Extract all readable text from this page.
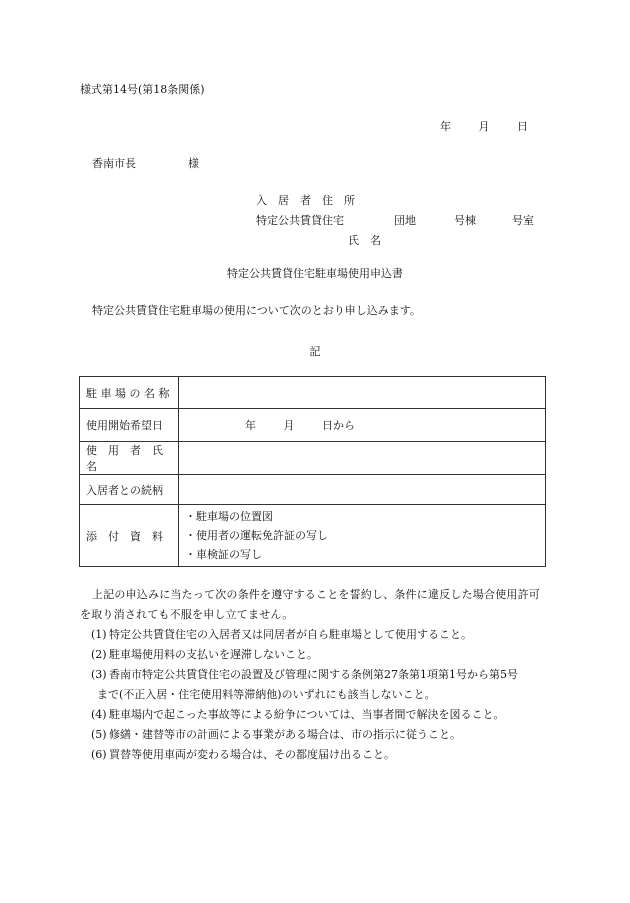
様式第14号(第18条関係)
年	月	日
香南市長	様
入　居　者　住　所
特定公共賃貸住宅	団地	号棟	号室
氏　名
特定公共賃貸住宅駐車場使用申込書
特定公共賃貸住宅駐車場の使用について次のとおり申し込みます。
記
駐 車 場 の 名 称	
使用開始希望日	年 月 日から
使　用　者　氏　名	
入居者との続柄	
添　付　資　料	・駐車場の位置図
・使用者の運転免許証の写し
・車検証の写し
上記の申込みに当たって次の条件を遵守することを誓約し、条件に違反した場合使用許可を取り消されても不服を申し立てません。
(1) 特定公共賃貸住宅の入居者又は同居者が自ら駐車場として使用すること。
(2) 駐車場使用料の支払いを遅滞しないこと。
(3) 香南市特定公共賃貸住宅の設置及び管理に関する条例第27条第1項第1号から第5号
まで(不正入居・住宅使用料等滞納他)のいずれにも該当しないこと。
(4) 駐車場内で起こった事故等による紛争については、当事者間で解決を図ること。
(5) 修繕・建替等市の計画による事業がある場合は、市の指示に従うこと。
(6) 買替等使用車両が変わる場合は、その都度届け出ること。
